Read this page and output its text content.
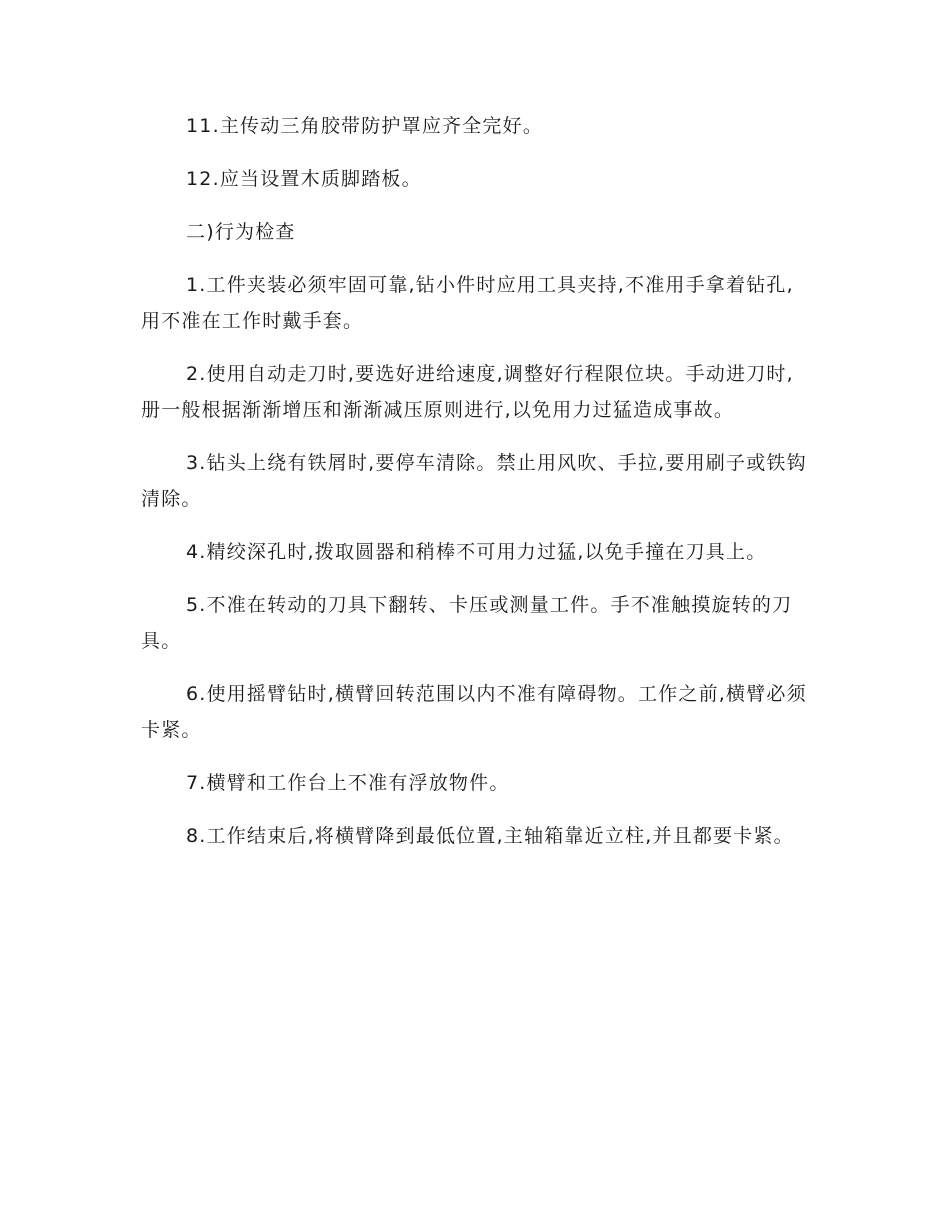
11.主传动三角胶带防护罩应齐全完好。

12.应当设置木质脚踏板。

二)行为检查

1.工件夹装必须牢固可靠,钻小件时应用工具夹持,不准用手拿着钻孔,用不准在工作时戴手套。

2.使用自动走刀时,要选好进给速度,调整好行程限位块。手动进刀时,册一般根据渐渐增压和渐渐减压原则进行,以免用力过猛造成事故。

3.钻头上绕有铁屑时,要停车清除。禁止用风吹、手拉,要用刷子或铁钩清除。

4.精绞深孔时,拨取圆器和稍棒不可用力过猛,以免手撞在刀具上。

5.不准在转动的刀具下翻转、卡压或测量工件。手不准触摸旋转的刀具。

6.使用摇臂钻时,横臂回转范围以内不准有障碍物。工作之前,横臂必须卡紧。

7.横臂和工作台上不准有浮放物件。

8.工作结束后,将横臂降到最低位置,主轴箱靠近立柱,并且都要卡紧。
